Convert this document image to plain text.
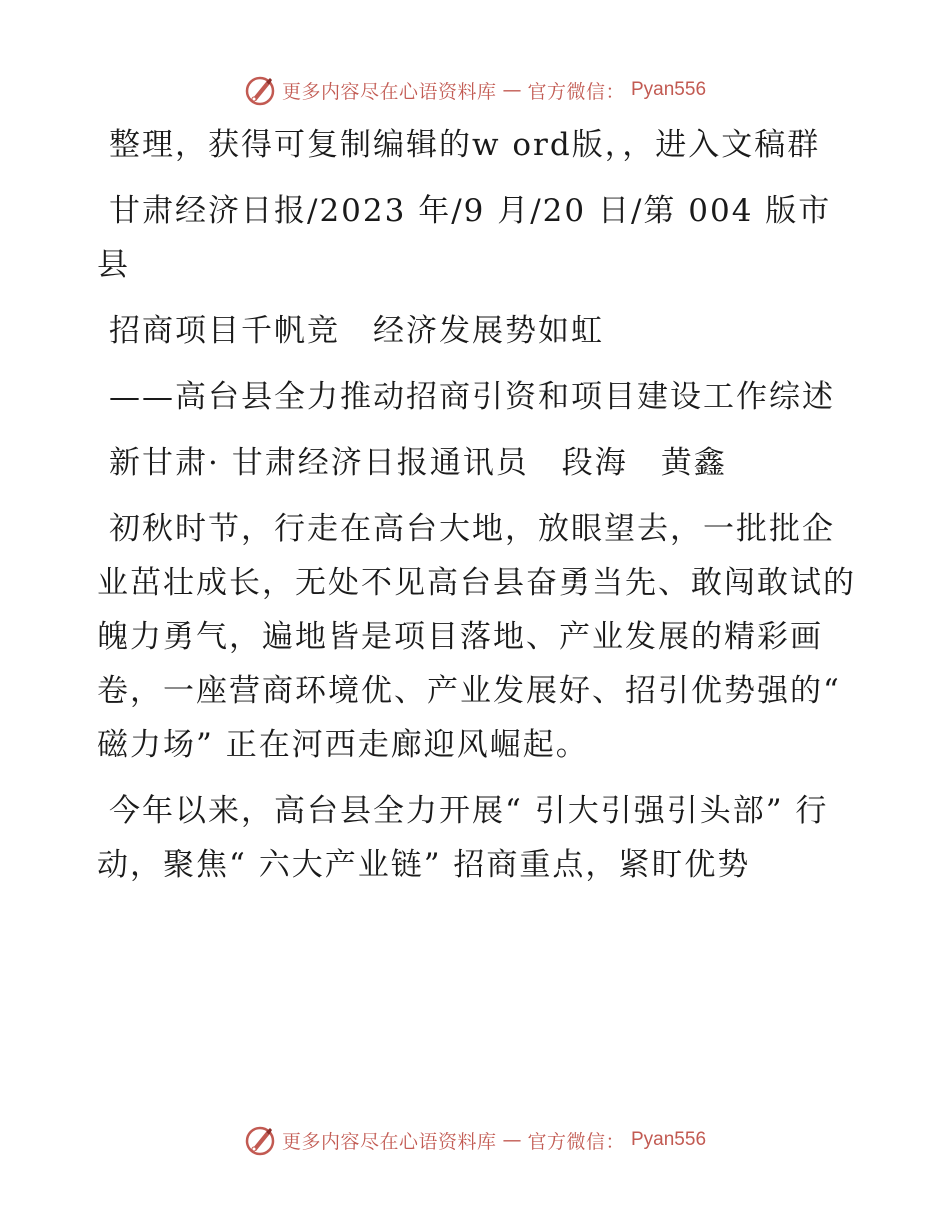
更多内容尽在心语资料库 — 官方微信： Pyan556

整理，获得可复制编辑的w ord版，，进入文稿群

甘肃经济日报/2023 年/9 月/20 日/第 004 版市县

招商项目千帆竞　经济发展势如虹

——高台县全力推动招商引资和项目建设工作综述

新甘肃· 甘肃经济日报通讯员　段海　黄鑫

初秋时节，行走在高台大地，放眼望去，一批批企业茁壮成长，无处不见高台县奋勇当先、敢闯敢试的魄力勇气，遍地皆是项目落地、产业发展的精彩画卷，一座营商环境优、产业发展好、招引优势强的“ 磁力场” 正在河西走廊迎风崛起。

今年以来，高台县全力开展“ 引大引强引头部” 行动，聚焦“ 六大产业链” 招商重点，紧盯优势

更多内容尽在心语资料库 — 官方微信： Pyan556
